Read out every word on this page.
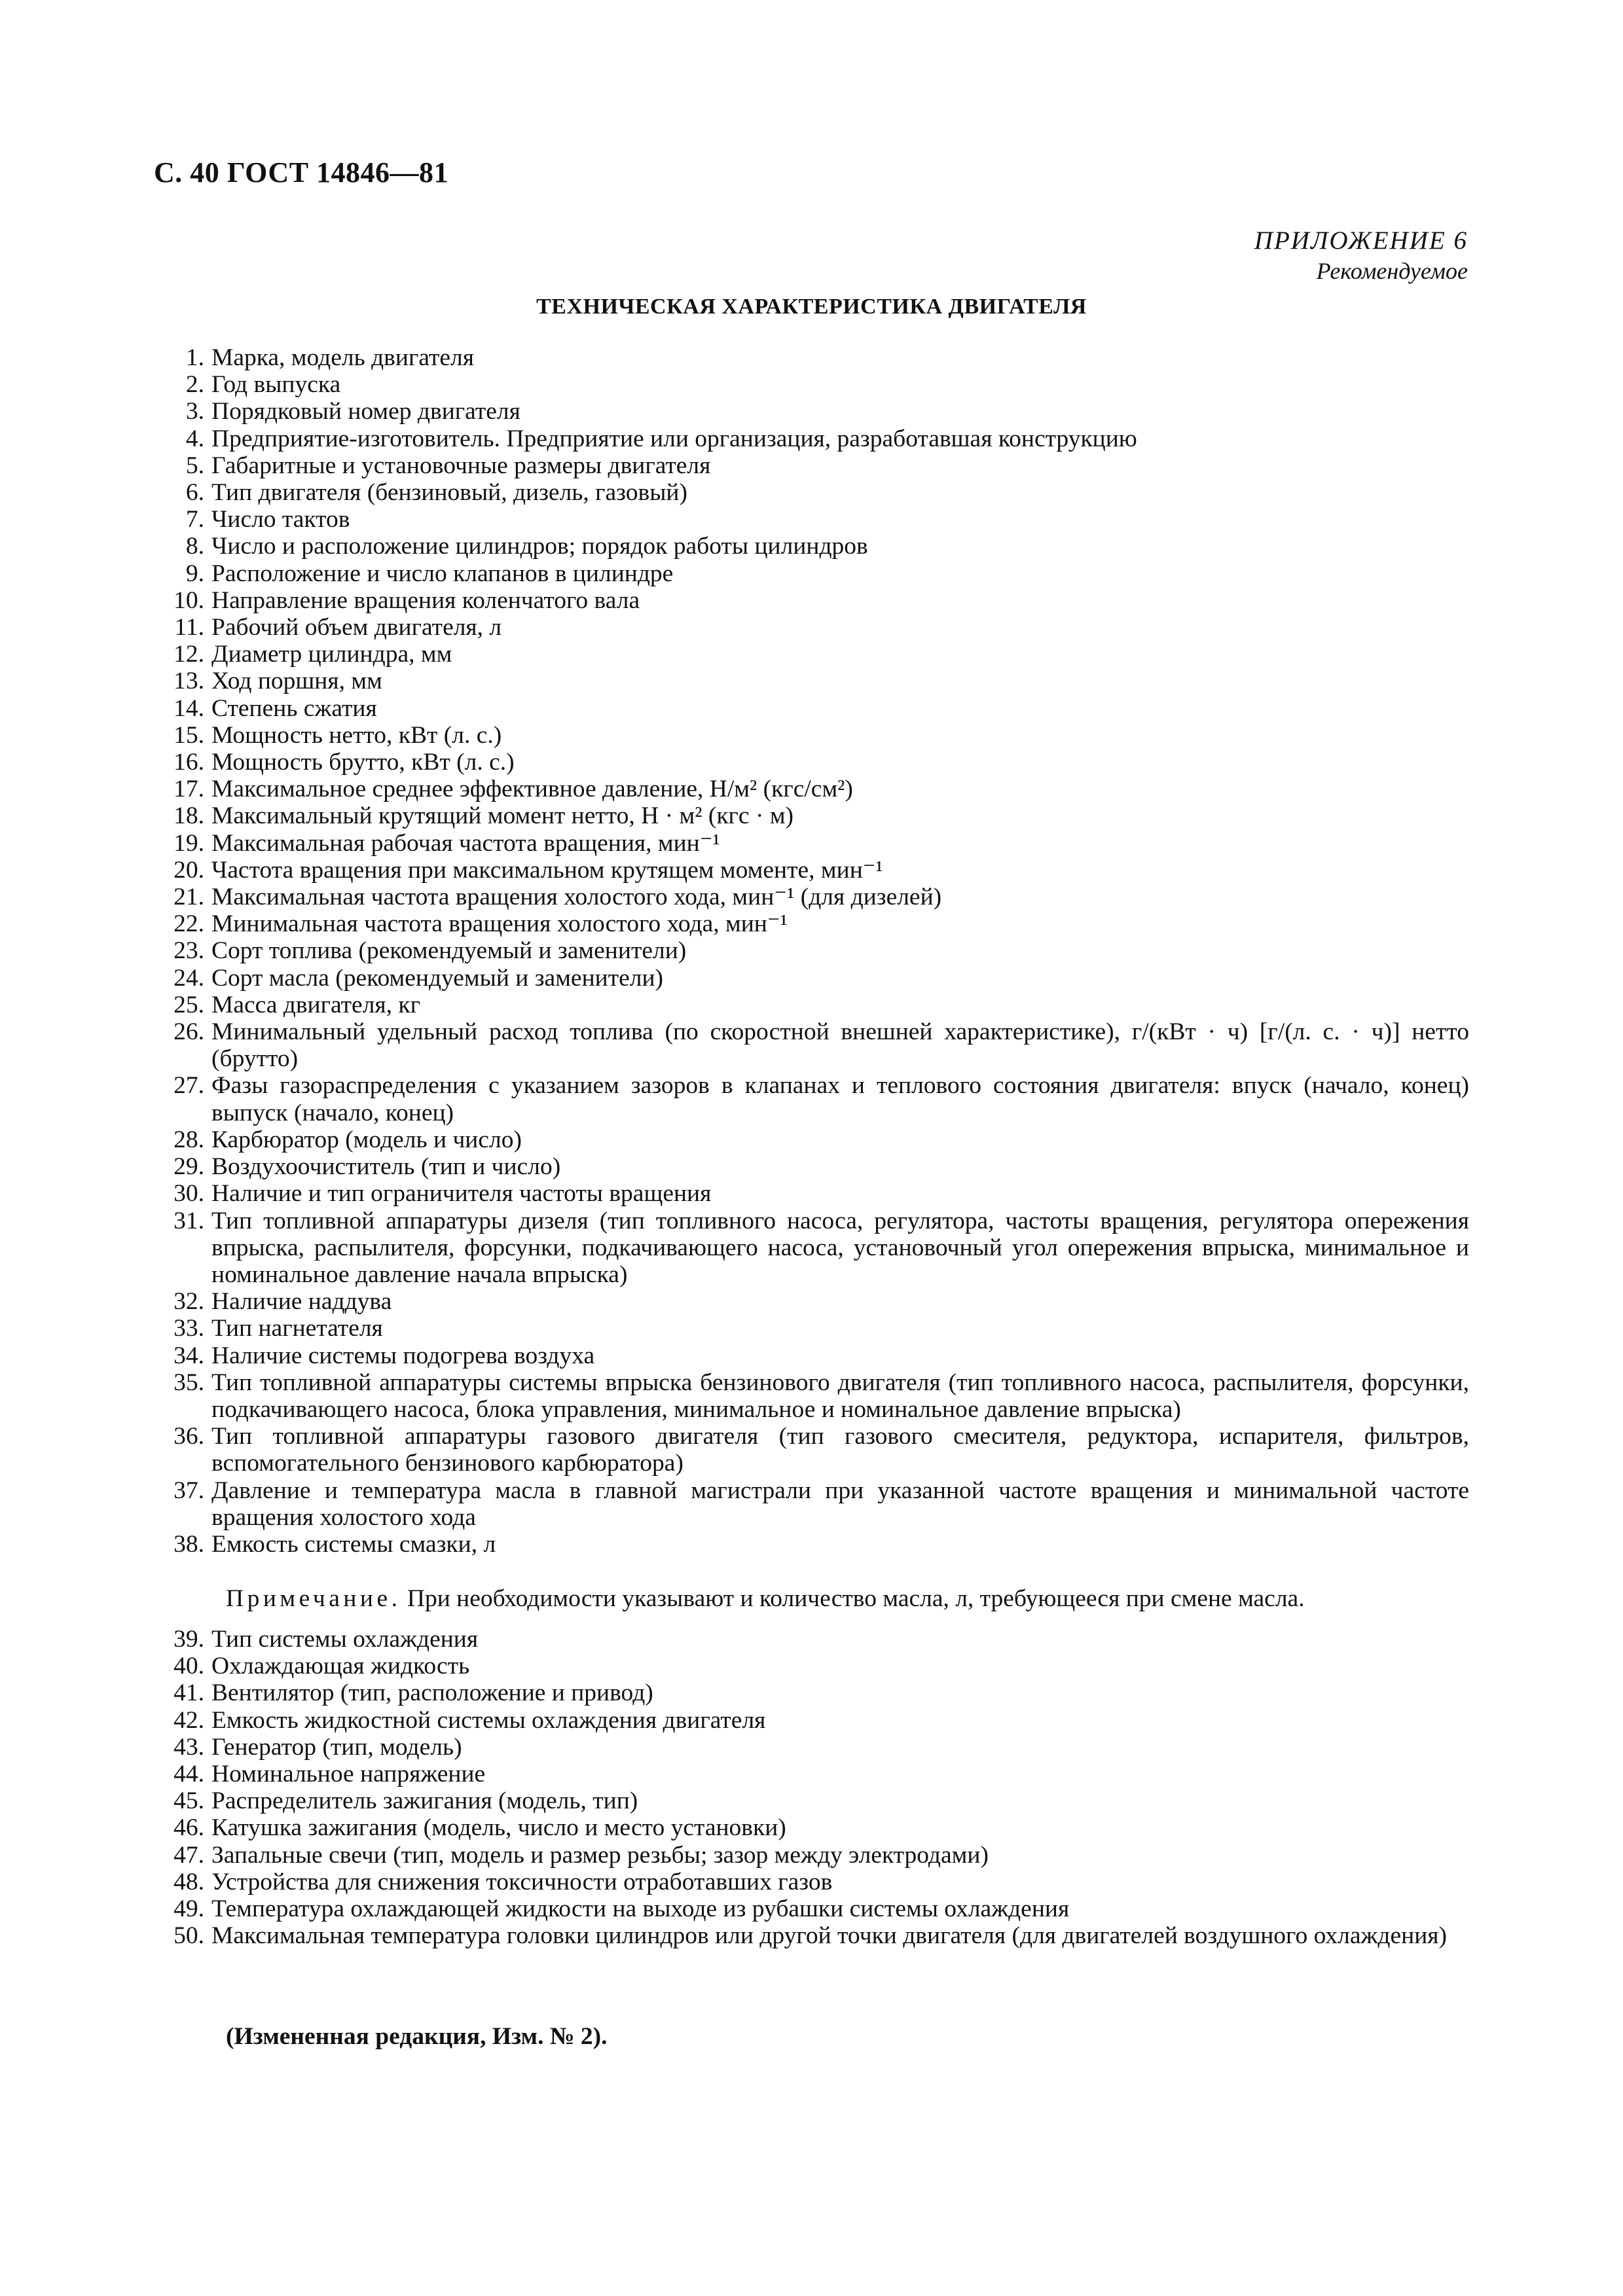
С. 40 ГОСТ 14846—81
ПРИЛОЖЕНИЕ 6
Рекомендуемое
ТЕХНИЧЕСКАЯ ХАРАКТЕРИСТИКА ДВИГАТЕЛЯ
1. Марка, модель двигателя
2. Год выпуска
3. Порядковый номер двигателя
4. Предприятие-изготовитель. Предприятие или организация, разработавшая конструкцию
5. Габаритные и установочные размеры двигателя
6. Тип двигателя (бензиновый, дизель, газовый)
7. Число тактов
8. Число и расположение цилиндров; порядок работы цилиндров
9. Расположение и число клапанов в цилиндре
10. Направление вращения коленчатого вала
11. Рабочий объем двигателя, л
12. Диаметр цилиндра, мм
13. Ход поршня, мм
14. Степень сжатия
15. Мощность нетто, кВт (л. с.)
16. Мощность брутто, кВт (л. с.)
17. Максимальное среднее эффективное давление, Н/м² (кгс/см²)
18. Максимальный крутящий момент нетто, Н · м² (кгс · м)
19. Максимальная рабочая частота вращения, мин⁻¹
20. Частота вращения при максимальном крутящем моменте, мин⁻¹
21. Максимальная частота вращения холостого хода, мин⁻¹ (для дизелей)
22. Минимальная частота вращения холостого хода, мин⁻¹
23. Сорт топлива (рекомендуемый и заменители)
24. Сорт масла (рекомендуемый и заменители)
25. Масса двигателя, кг
26. Минимальный удельный расход топлива (по скоростной внешней характеристике), г/(кВт · ч) [г/(л. с. · ч)] нетто (брутто)
27. Фазы газораспределения с указанием зазоров в клапанах и теплового состояния двигателя: впуск (начало, конец) выпуск (начало, конец)
28. Карбюратор (модель и число)
29. Воздухоочиститель (тип и число)
30. Наличие и тип ограничителя частоты вращения
31. Тип топливной аппаратуры дизеля (тип топливного насоса, регулятора, частоты вращения, регулятора опережения впрыска, распылителя, форсунки, подкачивающего насоса, установочный угол опережения впрыска, минимальное и номинальное давление начала впрыска)
32. Наличие наддува
33. Тип нагнетателя
34. Наличие системы подогрева воздуха
35. Тип топливной аппаратуры системы впрыска бензинового двигателя (тип топливного насоса, распылителя, форсунки, подкачивающего насоса, блока управления, минимальное и номинальное давление впрыска)
36. Тип топливной аппаратуры газового двигателя (тип газового смесителя, редуктора, испарителя, фильтров, вспомогательного бензинового карбюратора)
37. Давление и температура масла в главной магистрали при указанной частоте вращения и минимальной частоте вращения холостого хода
38. Емкость системы смазки, л
Примечание. При необходимости указывают и количество масла, л, требующееся при смене масла.
39. Тип системы охлаждения
40. Охлаждающая жидкость
41. Вентилятор (тип, расположение и привод)
42. Емкость жидкостной системы охлаждения двигателя
43. Генератор (тип, модель)
44. Номинальное напряжение
45. Распределитель зажигания (модель, тип)
46. Катушка зажигания (модель, число и место установки)
47. Запальные свечи (тип, модель и размер резьбы; зазор между электродами)
48. Устройства для снижения токсичности отработавших газов
49. Температура охлаждающей жидкости на выходе из рубашки системы охлаждения
50. Максимальная температура головки цилиндров или другой точки двигателя (для двигателей воздушного охлаждения)
(Измененная редакция, Изм. № 2).
